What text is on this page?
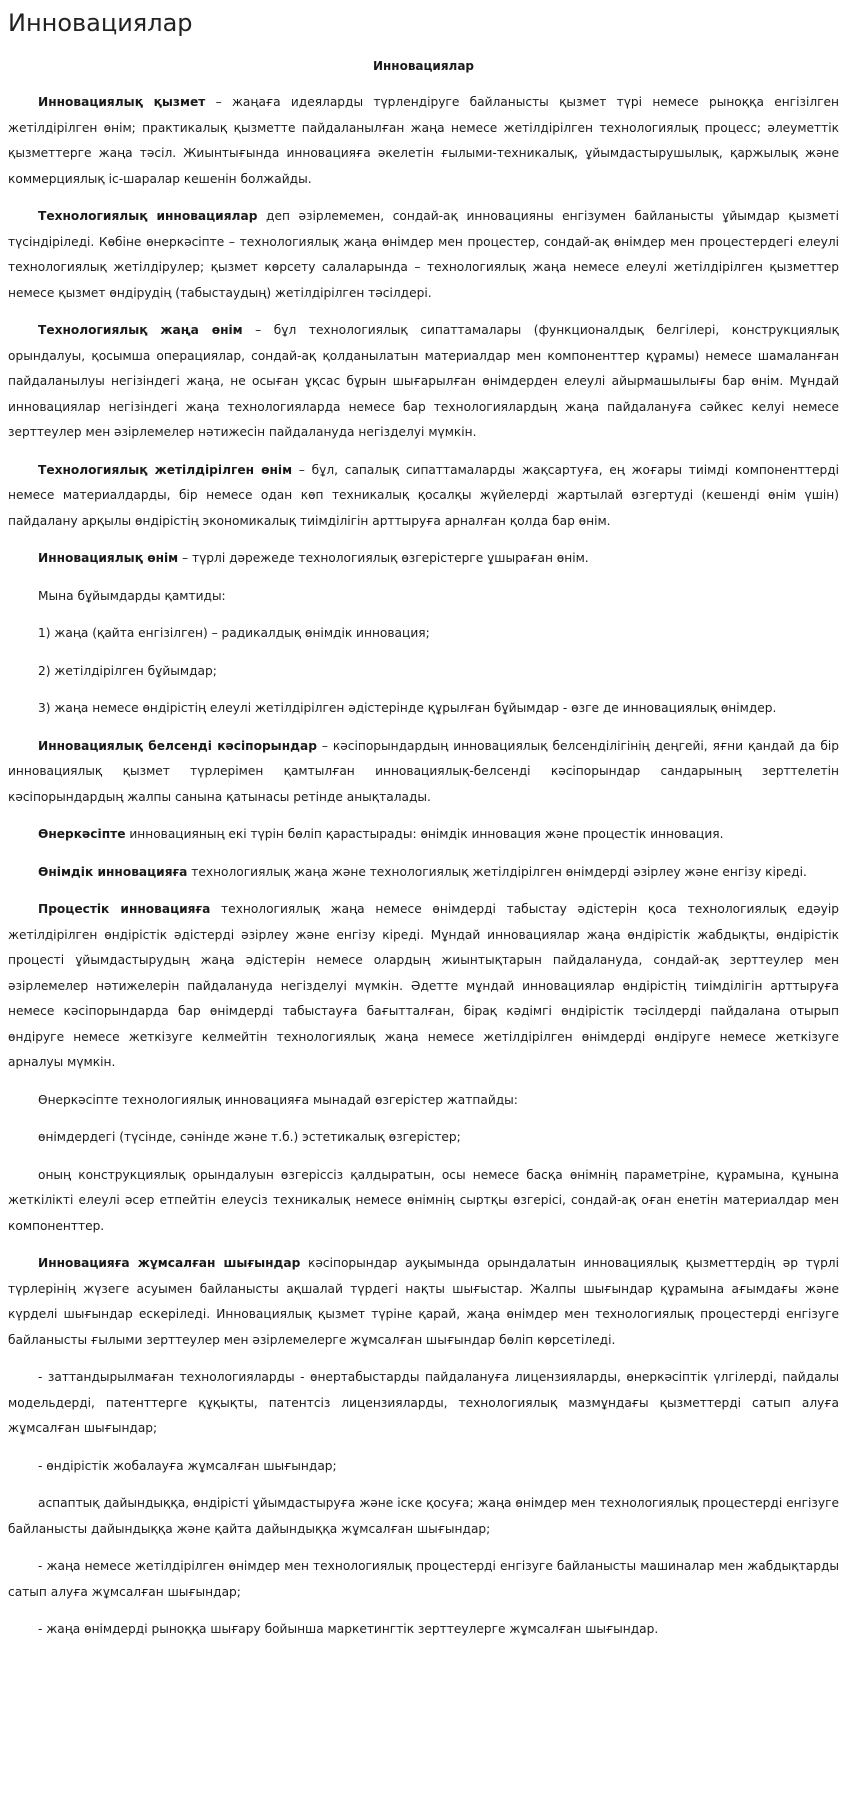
Инновациялар
Инновациялар

Инновациялық қызмет – жаңаға идеяларды түрлендіруге байланысты қызмет түрі немесе рыноққа енгізілген жетілдірілген өнім; практикалық қызметте пайдаланылған жаңа немесе жетілдірілген технологиялық процесс; әлеуметтік қызметтерге жаңа тәсіл. Жиынтығында инновацияға әкелетін ғылыми-техникалық, ұйымдастырушылық, қаржылық және коммерциялық іс-шаралар кешенін болжайды.

Технологиялық инновациялар деп әзірлемемен, сондай-ақ инновацияны енгізумен байланысты ұйымдар қызметі түсіндіріледі. Көбіне өнеркәсіпте – технологиялық жаңа өнімдер мен процестер, сондай-ақ өнімдер мен процестердегі елеулі технологиялық жетілдірулер; қызмет көрсету салаларында – технологиялық жаңа немесе елеулі жетілдірілген қызметтер немесе қызмет өндірудің (табыстаудың) жетілдірілген тәсілдері.

Технологиялық жаңа өнім – бұл технологиялық сипаттамалары (функционалдық белгілері, конструкциялық орындалуы, қосымша операциялар, сондай-ақ қолданылатын материалдар мен компоненттер құрамы) немесе шамаланған пайдаланылуы негізіндегі жаңа, не осыған ұқсас бұрын шығарылған өнімдерден елеулі айырмашылығы бар өнім. Мұндай инновациялар негізіндегі жаңа технологияларда немесе бар технологиялардың жаңа пайдалануға сәйкес келуі немесе зерттеулер мен әзірлемелер нәтижесін пайдалануда негізделуі мүмкін.

Технологиялық жетілдірілген өнім – бұл, сапалық сипаттамаларды жақсартуға, ең жоғары тиімді компоненттерді немесе материалдарды, бір немесе одан көп техникалық қосалқы жүйелерді жартылай өзгертуді (кешенді өнім үшін) пайдалану арқылы өндірістің экономикалық тиімділігін арттыруға арналған қолда бар өнім.

Инновациялық өнім – түрлі дәрежеде технологиялық өзгерістерге ұшыраған өнім.

Мына бұйымдарды қамтиды:

1) жаңа (қайта енгізілген) – радикалдық өнімдік инновация;

2) жетілдірілген бұйымдар;

3) жаңа немесе өндірістің елеулі жетілдірілген әдістерінде құрылған бұйымдар - өзге де инновациялық өнімдер.

Инновациялық белсенді кәсіпорындар – кәсіпорындардың инновациялық белсенділігінің деңгейі, яғни қандай да бір инновациялық қызмет түрлерімен қамтылған инновациялық-белсенді кәсіпорындар сандарының зерттелетін кәсіпорындардың жалпы санына қатынасы ретінде анықталады.

Өнеркәсіпте инновацияның екі түрін бөліп қарастырады: өнімдік инновация және процестік инновация.

Өнімдік инновацияға технологиялық жаңа және технологиялық жетілдірілген өнімдерді әзірлеу және енгізу кіреді.

Процестік инновацияға технологиялық жаңа немесе өнімдерді табыстау әдістерін қоса технологиялық едәуір жетілдірілген өндірістік әдістерді әзірлеу және енгізу кіреді. Мұндай инновациялар жаңа өндірістік жабдықты, өндірістік процесті ұйымдастырудың жаңа әдістерін немесе олардың жиынтықтарын пайдалануда, сондай-ақ зерттеулер мен әзірлемелер нәтижелерін пайдалануда негізделуі мүмкін. Әдетте мұндай инновациялар өндірістің тиімділігін арттыруға немесе кәсіпорындарда бар өнімдерді табыстауға бағытталған, бірақ кәдімгі өндірістік тәсілдерді пайдалана отырып өндіруге немесе жеткізуге келмейтін технологиялық жаңа немесе жетілдірілген өнімдерді өндіруге немесе жеткізуге арналуы мүмкін.

Өнеркәсіпте технологиялық инновацияға мынадай өзгерістер жатпайды:

өнімдердегі (түсінде, сәнінде және т.б.) эстетикалық өзгерістер;

оның конструкциялық орындалуын өзгеріссіз қалдыратын, осы немесе басқа өнімнің параметріне, құрамына, құнына жеткілікті елеулі әсер етпейтін елеусіз техникалық немесе өнімнің сыртқы өзгерісі, сондай-ақ оған енетін материалдар мен компоненттер.

Инновацияға жұмсалған шығындар кәсіпорындар ауқымында орындалатын инновациялық қызметтердің әр түрлі түрлерінің жүзеге асуымен байланысты ақшалай түрдегі нақты шығыстар. Жалпы шығындар құрамына ағымдағы және күрделі шығындар ескеріледі. Инновациялық қызмет түріне қарай, жаңа өнімдер мен технологиялық процестерді енгізуге байланысты ғылыми зерттеулер мен әзірлемелерге жұмсалған шығындар бөліп көрсетіледі.

- заттандырылмаған технологияларды - өнертабыстарды пайдалануға лицензияларды, өнеркәсіптік үлгілерді, пайдалы модельдерді, патенттерге құқықты, патентсіз лицензияларды, технологиялық мазмұндағы қызметтерді сатып алуға жұмсалған шығындар;

- өндірістік жобалауға жұмсалған шығындар;

аспаптық дайындыққа, өндірісті ұйымдастыруға және іске қосуға; жаңа өнімдер мен технологиялық процестерді енгізуге байланысты дайындыққа және қайта дайындыққа жұмсалған шығындар;

- жаңа немесе жетілдірілген өнімдер мен технологиялық процестерді енгізуге байланысты машиналар мен жабдықтарды сатып алуға жұмсалған шығындар;

- жаңа өнімдерді рыноққа шығару бойынша маркетингтік зерттеулерге жұмсалған шығындар.
